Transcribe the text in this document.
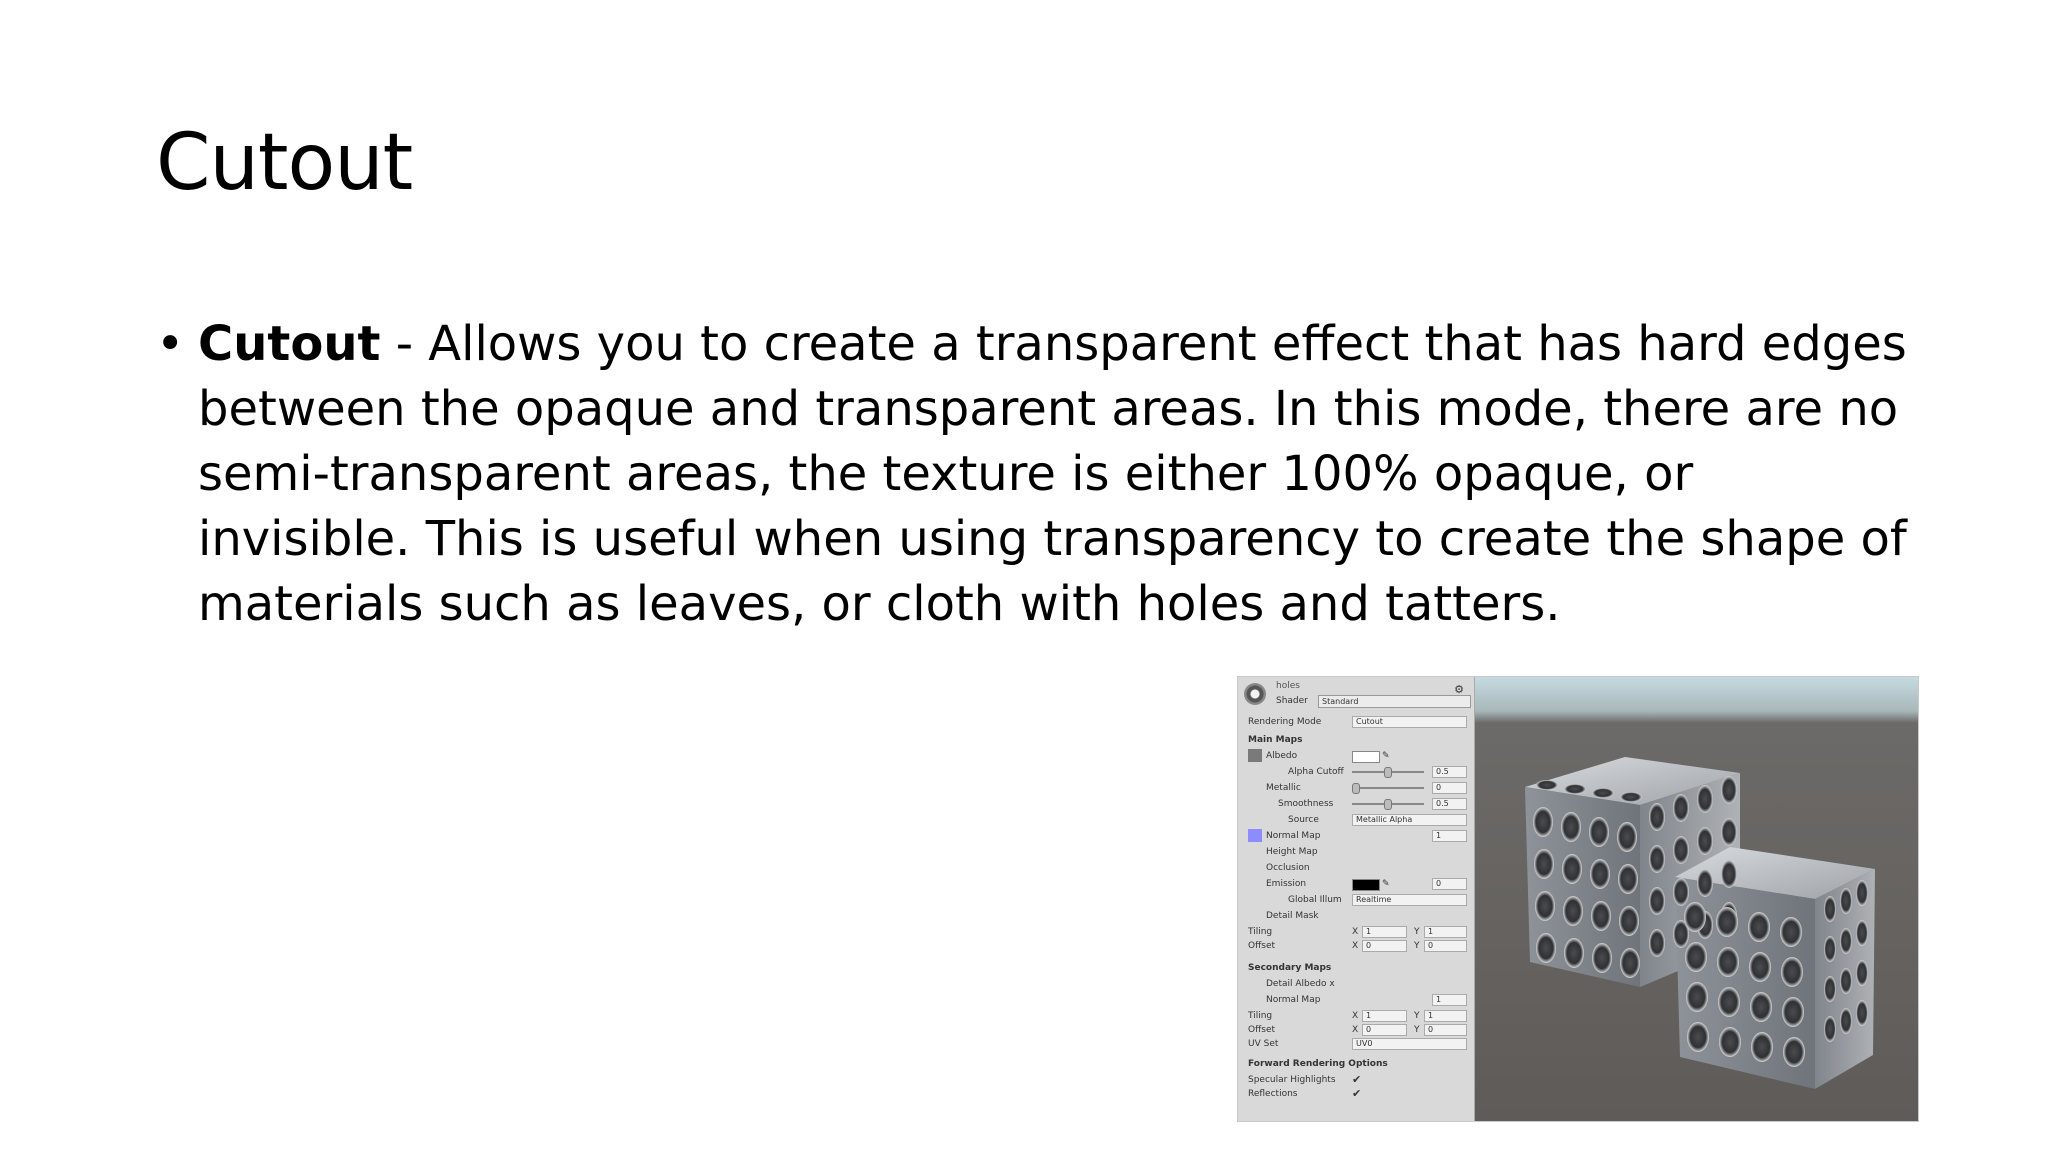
Cutout
• Cutout - Allows you to create a transparent effect that has hard edges between the opaque and transparent areas. In this mode, there are no semi-transparent areas, the texture is either 100% opaque, or invisible. This is useful when using transparency to create the shape of materials such as leaves, or cloth with holes and tatters.
holes
Shader	Standard
⚙
Rendering Mode	Cutout
Main Maps
Albedo	✎
Alpha Cutoff	0.5
Metallic	0
Smoothness	0.5
Source	Metallic Alpha
Normal Map	1
Height Map
Occlusion
Emission	✎	0
Global Illum	Realtime
Detail Mask
Tiling	X 1	Y	1
Offset	X 0	Y	0
Secondary Maps
Detail Albedo x
Normal Map	1
Tiling	X 1	Y	1
Offset	X 0	Y	0
UV Set	UV0
Forward Rendering Options
Specular Highlights ✔
Reflections	✔
